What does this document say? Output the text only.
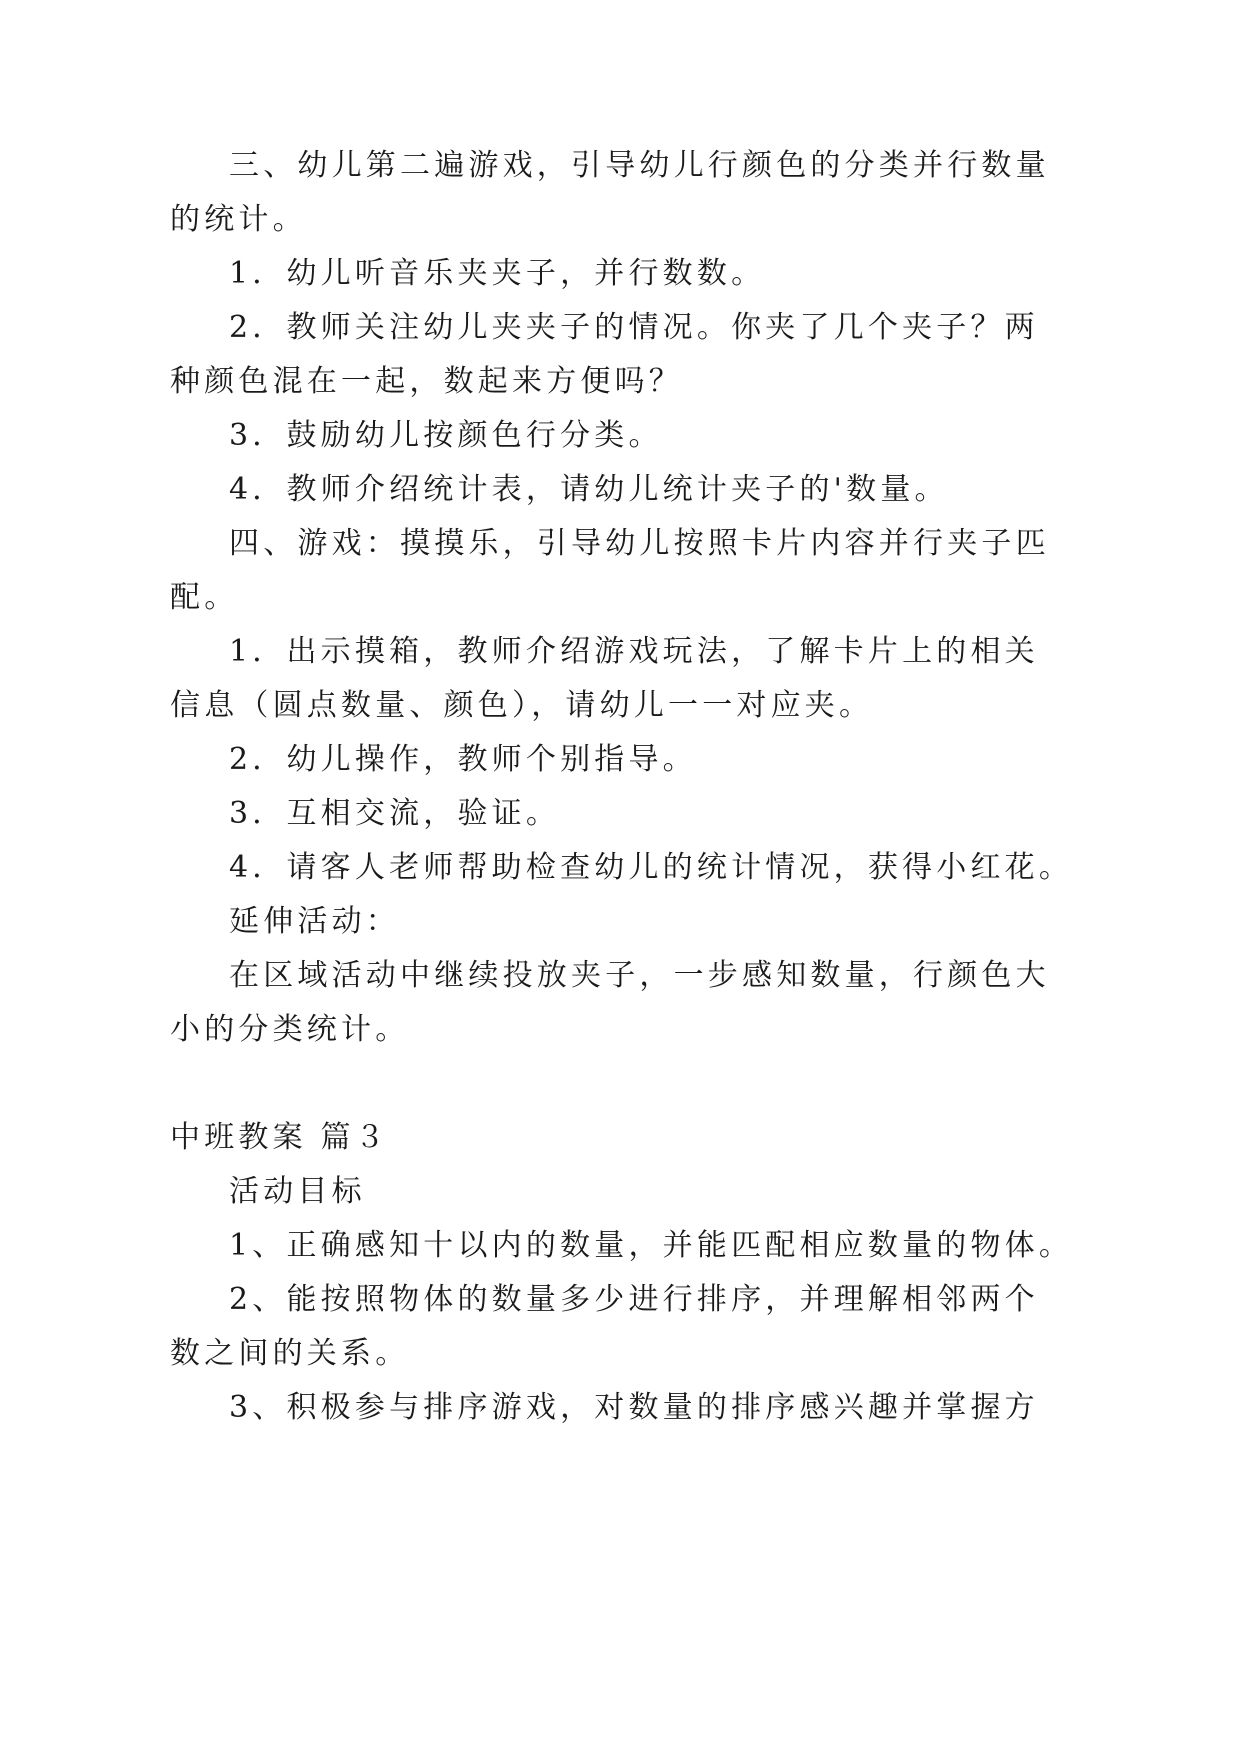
三、幼儿第二遍游戏，引导幼儿行颜色的分类并行数量
的统计。
1．幼儿听音乐夹夹子，并行数数。
2．教师关注幼儿夹夹子的情况。你夹了几个夹子？两
种颜色混在一起，数起来方便吗？
3．鼓励幼儿按颜色行分类。
4．教师介绍统计表，请幼儿统计夹子的'数量。
四、游戏：摸摸乐，引导幼儿按照卡片内容并行夹子匹
配。
1．出示摸箱，教师介绍游戏玩法，了解卡片上的相关
信息（圆点数量、颜色），请幼儿一一对应夹。
2．幼儿操作，教师个别指导。
3．互相交流，验证。
4．请客人老师帮助检查幼儿的统计情况，获得小红花。
延伸活动：
在区域活动中继续投放夹子，一步感知数量，行颜色大
小的分类统计。
中班教案 篇３
活动目标
1、正确感知十以内的数量，并能匹配相应数量的物体。
2、能按照物体的数量多少进行排序，并理解相邻两个
数之间的关系。
3、积极参与排序游戏，对数量的排序感兴趣并掌握方
